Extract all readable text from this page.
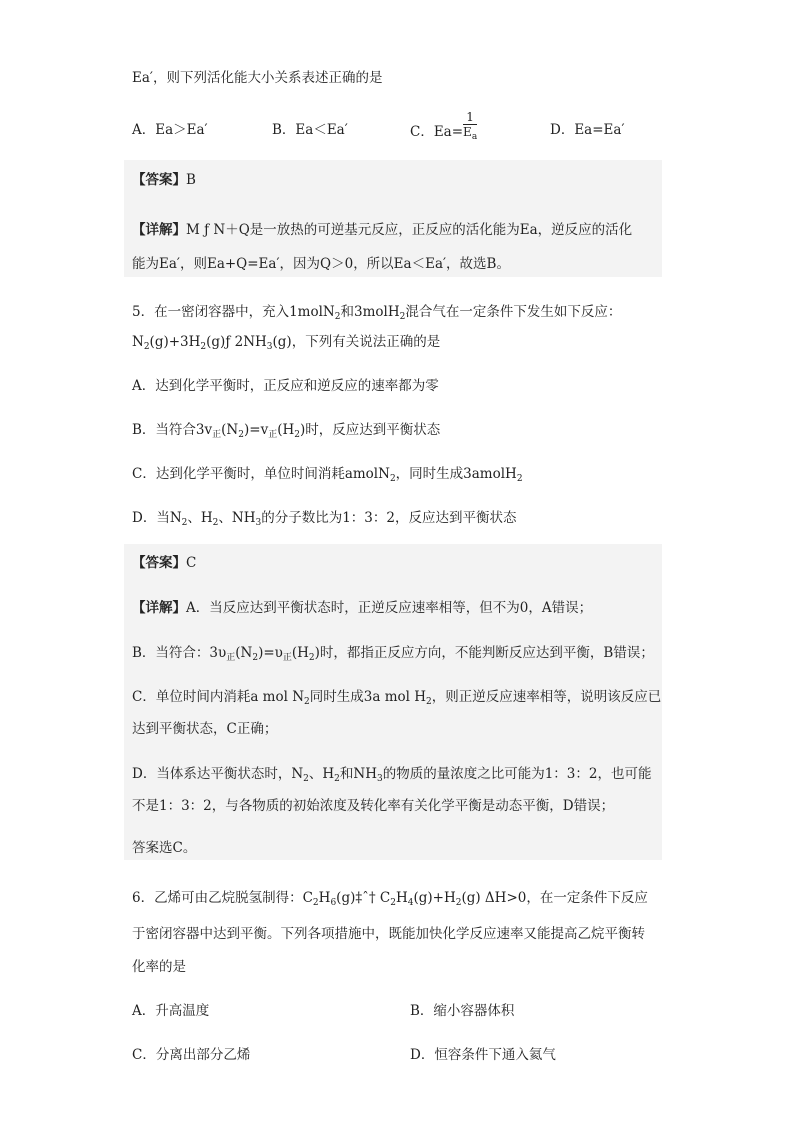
Ea′，则下列活化能大小关系表述正确的是
A．Ea＞Ea′	B．Ea＜Ea′	C．$Ea= \frac{1}{E_a}$	D．Ea=Ea′
【答案】B
【详解】M ƒ N＋Q是一放热的可逆基元反应，正反应的活化能为Ea，逆反应的活化
能为Ea′，则Ea+Q=Ea′，因为Q＞0，所以Ea＜Ea′，故选B。
5．在一密闭容器中，充入1molN$_2$和3molH$_2$混合气在一定条件下发生如下反应：
$N_2(g)+3H_2(g)ƒ$ $2NH_3(g)$，下列有关说法正确的是
A．达到化学平衡时，正反应和逆反应的速率都为零
B．当符合$3v_正(N_2)=v_正(H_2)$时，反应达到平衡状态
C．达到化学平衡时，单位时间消耗amolN$_2$，同时生成3amolH$_2$
D．当$N_2$、$H_2$、$NH_3$的分子数比为1：3：2，反应达到平衡状态
【答案】C
【详解】A．当反应达到平衡状态时，正逆反应速率相等，但不为0，A错误；
B．当符合：$3\upsilon_正(N_2)=\upsilon_正(H_2)$时，都指正反应方向，不能判断反应达到平衡，B错误；
C．单位时间内消耗a mol $N_2$同时生成3a mol $H_2$，则正逆反应速率相等，说明该反应已
达到平衡状态，C正确；
D．当体系达平衡状态时，$N_2$、$H_2$和$NH_3$的物质的量浓度之比可能为1：3：2，也可能
不是1：3：2，与各物质的初始浓度及转化率有关化学平衡是动态平衡，D错误；
答案选C。
6．乙烯可由乙烷脱氢制得：$C_2H_6(g)\ddagger ˆ\dagger$ $C_2H_4(g)+H_2(g)$ ΔH>0，在一定条件下反应
于密闭容器中达到平衡。下列各项措施中，既能加快化学反应速率又能提高乙烷平衡转
化率的是
A．升高温度	B．缩小容器体积
C．分离出部分乙烯	D．恒容条件下通入氦气
